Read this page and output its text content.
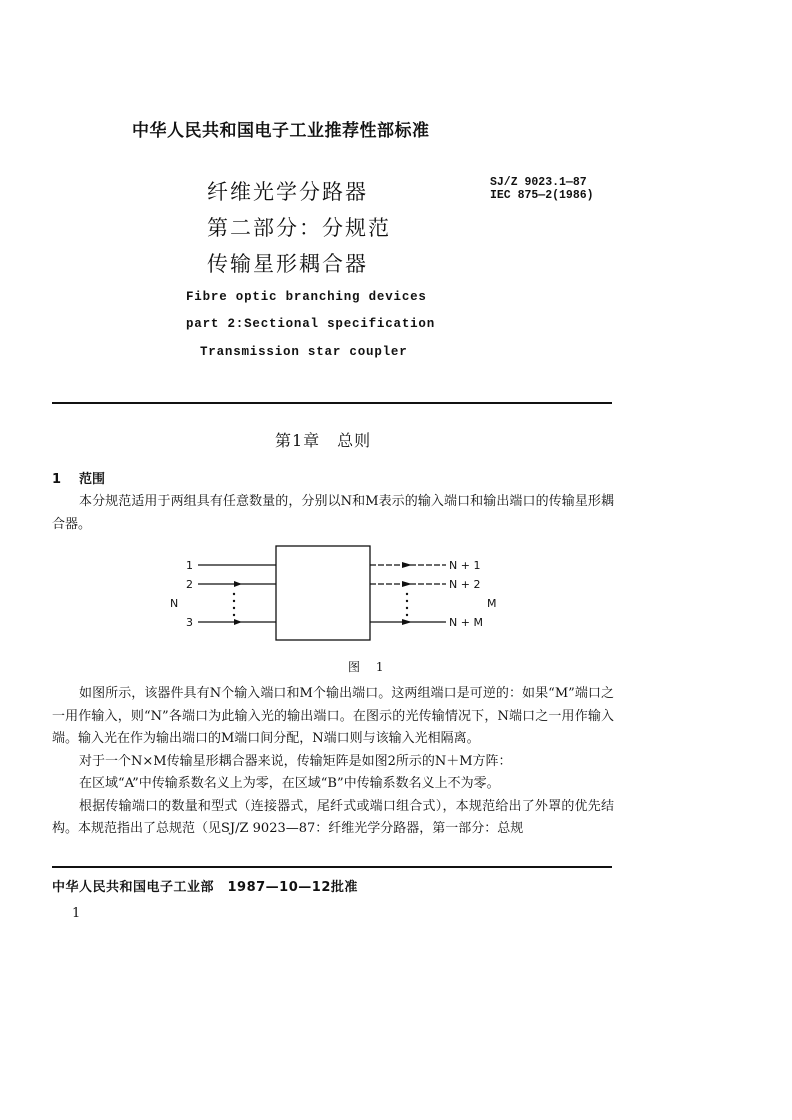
中华人民共和国电子工业推荐性部标准
纤维光学分路器
第二部分：分规范
传输星形耦合器
SJ/Z 9023.1—87
IEC 875—2(1986)
Fibre optic branching devices
part 2:Sectional specification
Transmission star coupler
第1章　总则
1 范围

本分规范适用于两组具有任意数量的，分别以N和M表示的输入端口和输出端口的传输星形耦合器。

1
2
3
N
N + 1
N + 2
N + M
M
图 1

如图所示，该器件具有N个输入端口和M个输出端口。这两组端口是可逆的：如果“M”端口之一用作输入，则“N”各端口为此输入光的输出端口。在图示的光传输情况下，N端口之一用作输入端。输入光在作为输出端口的M端口间分配，N端口则与该输入光相隔离。

对于一个N×M传输星形耦合器来说，传输矩阵是如图2所示的N＋M方阵：

在区域“A”中传输系数名义上为零，在区域“B”中传输系数名义上不为零。

根据传输端口的数量和型式（连接器式，尾纤式或端口组合式），本规范给出了外罩的优先结构。本规范指出了总规范（见SJ/Z 9023—87：纤维光学分路器，第一部分：总规

中华人民共和国电子工业部　1987—10—12批准
1
